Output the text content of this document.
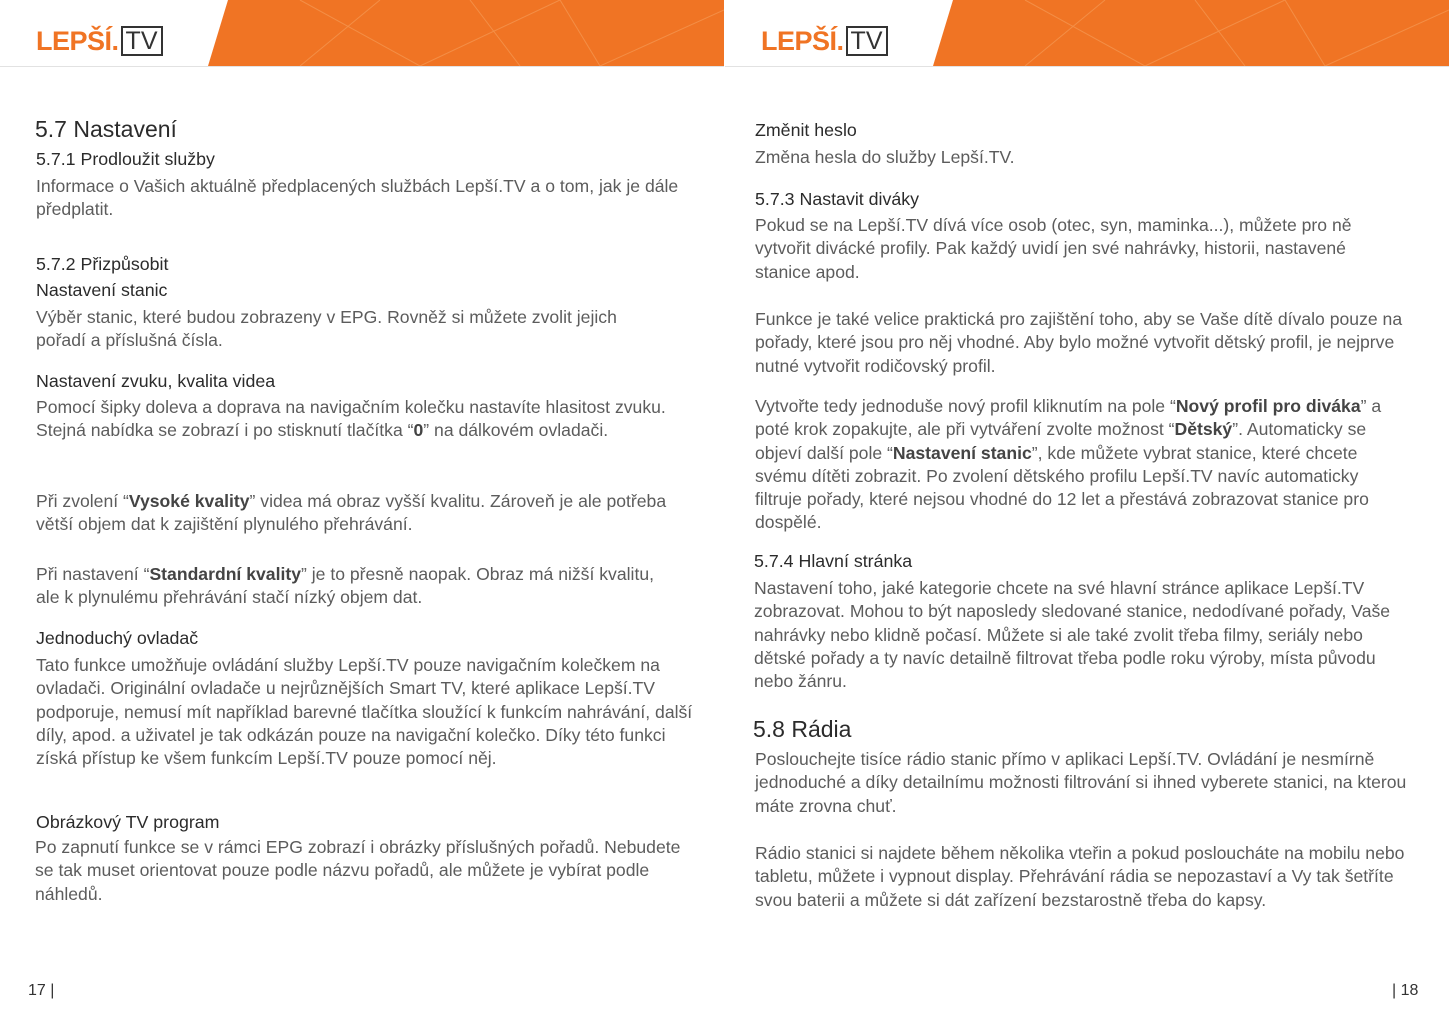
LEPŠÍ . TV
5.7 Nastavení
5.7.1 Prodloužit služby

Informace o Vašich aktuálně předplacených službách Lepší.TV a o tom, jak je dále předplatit.

5.7.2 Přizpůsobit
Nastavení stanic

Výběr stanic, které budou zobrazeny v EPG. Rovněž si můžete zvolit jejich pořadí a příslušná čísla.

Nastavení zvuku, kvalita videa

Pomocí šipky doleva a doprava na navigačním kolečku nastavíte hlasitost zvuku. Stejná nabídka se zobrazí i po stisknutí tlačítka “0” na dálkovém ovladači.

Při zvolení “Vysoké kvality” videa má obraz vyšší kvalitu. Zároveň je ale potřeba větší objem dat k zajištění plynulého přehrávání.

Při nastavení “Standardní kvality” je to přesně naopak. Obraz má nižší kvalitu, ale k plynulému přehrávání stačí nízký objem dat.

Jednoduchý ovladač

Tato funkce umožňuje ovládání služby Lepší.TV pouze navigačním kolečkem na ovladači. Originální ovladače u nejrůznějších Smart TV, které aplikace Lepší.TV podporuje, nemusí mít například barevné tlačítka sloužící k funkcím nahrávání, další díly, apod. a uživatel je tak odkázán pouze na navigační kolečko. Díky této funkci získá přístup ke všem funkcím Lepší.TV pouze pomocí něj.

Obrázkový TV program

Po zapnutí funkce se v rámci EPG zobrazí i obrázky příslušných pořadů. Nebudete se tak muset orientovat pouze podle názvu pořadů, ale můžete je vybírat podle náhledů.

17 |
LEPŠÍ . TV
Změnit heslo

Změna hesla do služby Lepší.TV.

5.7.3 Nastavit diváky

Pokud se na Lepší.TV dívá více osob (otec, syn, maminka...), můžete pro ně vytvořit divácké profily. Pak každý uvidí jen své nahrávky, historii, nastavené stanice apod.

Funkce je také velice praktická pro zajištění toho, aby se Vaše dítě dívalo pouze na pořady, které jsou pro něj vhodné. Aby bylo možné vytvořit dětský profil, je nejprve nutné vytvořit rodičovský profil.

Vytvořte tedy jednoduše nový profil kliknutím na pole “Nový profil pro diváka” a poté krok zopakujte, ale při vytváření zvolte možnost “Dětský”. Automaticky se objeví další pole “Nastavení stanic”, kde můžete vybrat stanice, které chcete svému dítěti zobrazit. Po zvolení dětského profilu Lepší.TV navíc automaticky filtruje pořady, které nejsou vhodné do 12 let a přestává zobrazovat stanice pro dospělé.

5.7.4 Hlavní stránka

Nastavení toho, jaké kategorie chcete na své hlavní stránce aplikace Lepší.TV zobrazovat. Mohou to být naposledy sledované stanice, nedodívané pořady, Vaše nahrávky nebo klidně počasí. Můžete si ale také zvolit třeba filmy, seriály nebo dětské pořady a ty navíc detailně filtrovat třeba podle roku výroby, místa původu nebo žánru.

5.8 Rádia

Poslouchejte tisíce rádio stanic přímo v aplikaci Lepší.TV. Ovládání je nesmírně jednoduché a díky detailnímu možnosti filtrování si ihned vyberete stanici, na kterou máte zrovna chuť.

Rádio stanici si najdete během několika vteřin a pokud posloucháte na mobilu nebo tabletu, můžete i vypnout display. Přehrávání rádia se nepozastaví a Vy tak šetříte svou baterii a můžete si dát zařízení bezstarostně třeba do kapsy.

| 18
